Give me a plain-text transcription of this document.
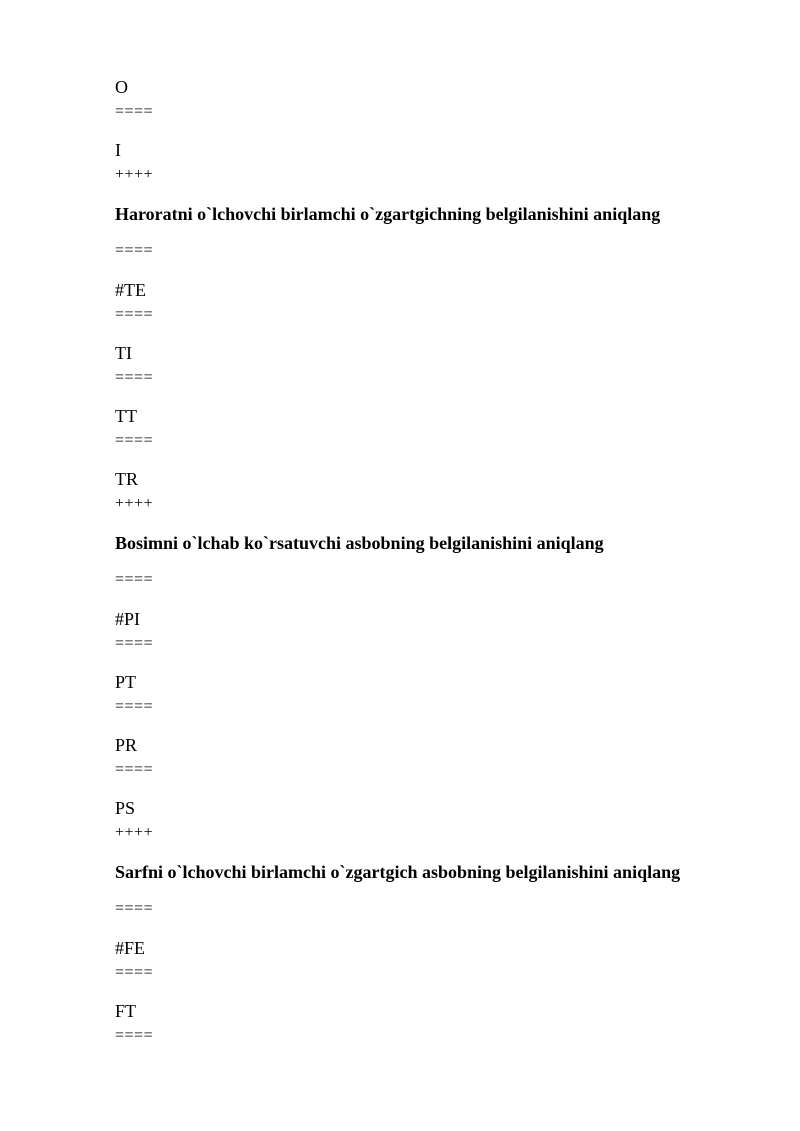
O
====
I
++++
Haroratni o`lchovchi birlamchi o`zgartgichning belgilanishini aniqlang
====
#TE
====
TI
====
TT
====
TR
++++
Bosimni o`lchab ko`rsatuvchi asbobning belgilanishini aniqlang
====
#PI
====
PT
====
PR
====
PS
++++
Sarfni o`lchovchi birlamchi o`zgartgich asbobning belgilanishini aniqlang
====
#FE
====
FT
====
